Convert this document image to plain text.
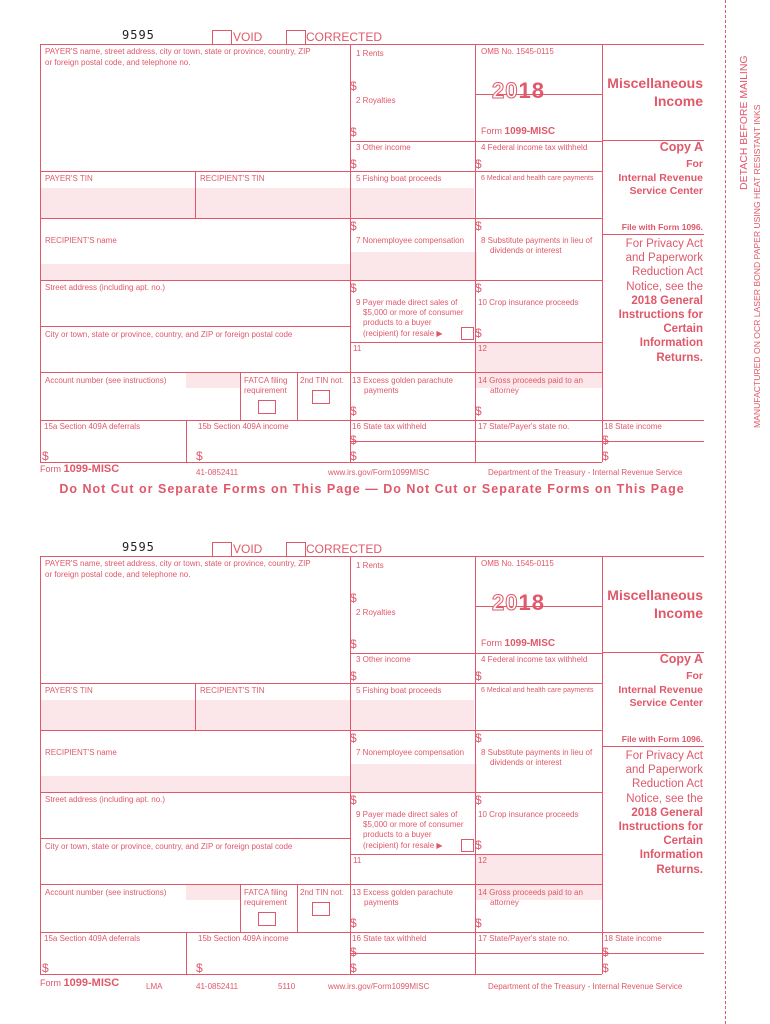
DETACH BEFORE MAILING MANUFACTURED ON OCR LASER BOND PAPER USING HEAT RESISTANT INKS
9595	VOID	CORRECTED
PAYER'S name, street address, city or town, state or province, country, ZIP
or foreign postal code, and telephone no.
PAYER'S TIN	RECIPIENT'S TIN
RECIPIENT'S name
Street address (including apt. no.)
City or town, state or province, country, and ZIP or foreign postal code
Account number (see instructions)	FATCA filing
requirement
2nd TIN not.
15a Section 409A deferrals	15b Section 409A income
$	$
1 Rents
$
2 Royalties
$
3 Other income
$
5 Fishing boat proceeds
$
7 Nonemployee compensation
$
9 Payer made direct sales of
$5,000 or more of consumer
products to a buyer
(recipient) for resale ▶
11
13 Excess golden parachute
payments
$
16 State tax withheld
$
$
OMB No. 1545-0115
2018
Form 1099-MISC
4 Federal income tax withheld
$
6 Medical and health care payments
$
8 Substitute payments in lieu of
dividends or interest
$
10 Crop insurance proceeds
$
12
14 Gross proceeds paid to an
attorney
$
17 State/Payer's state no.
Miscellaneous
Income
Copy A
For
Internal Revenue
Service Center
File with Form 1096.
For Privacy Act
and Paperwork
Reduction Act
Notice, see the
2018 General
Instructions for
Certain
Information
Returns.
18 State income
$
$
Form 1099-MISC	41-0852411	www.irs.gov/Form1099MISC	Department of the Treasury - Internal Revenue Service
Do Not Cut or Separate Forms on This Page — Do Not Cut or Separate Forms on This Page
9595	VOID	CORRECTED
PAYER'S name, street address, city or town, state or province, country, ZIP
or foreign postal code, and telephone no.
PAYER'S TIN	RECIPIENT'S TIN
RECIPIENT'S name
Street address (including apt. no.)
City or town, state or province, country, and ZIP or foreign postal code
Account number (see instructions)	FATCA filing
requirement
2nd TIN not.
15a Section 409A deferrals	15b Section 409A income
$	$
1 Rents
$
2 Royalties
$
3 Other income
$
5 Fishing boat proceeds
$
7 Nonemployee compensation
$
9 Payer made direct sales of
$5,000 or more of consumer
products to a buyer
(recipient) for resale ▶
11
13 Excess golden parachute
payments
$
16 State tax withheld
$
$
OMB No. 1545-0115
2018
Form 1099-MISC
4 Federal income tax withheld
$
6 Medical and health care payments
$
8 Substitute payments in lieu of
dividends or interest
$
10 Crop insurance proceeds
$
12
14 Gross proceeds paid to an
attorney
$
17 State/Payer's state no.
Miscellaneous
Income
Copy A
For
Internal Revenue
Service Center
File with Form 1096.
For Privacy Act
and Paperwork
Reduction Act
Notice, see the
2018 General
Instructions for
Certain
Information
Returns.
18 State income
$
$
Form 1099-MISC	LMA	41-0852411	5110	www.irs.gov/Form1099MISC	Department of the Treasury - Internal Revenue Service
